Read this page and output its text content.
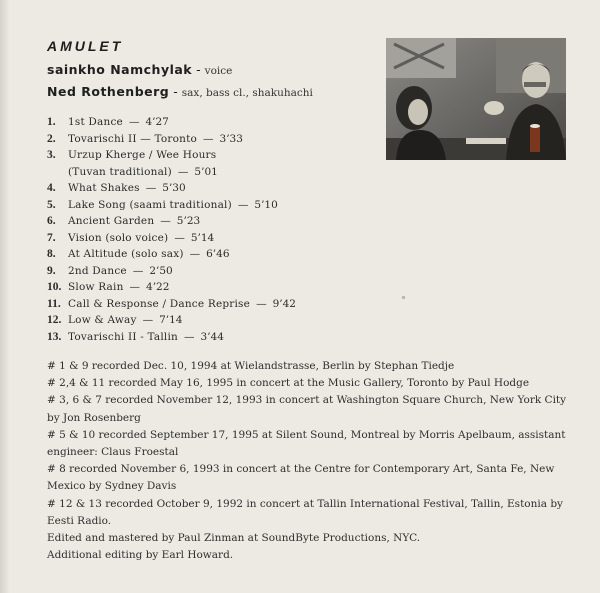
AMULET
sainkho Namchylak - voice
Ned Rothenberg - sax, bass cl., shakuhachi
1. 1st Dance — 4’27
2. Tovarischi II — Toronto — 3’33
3. Urzup Kherge / Wee Hours
(Tuvan traditional) — 5’01
4. What Shakes — 5’30
5. Lake Song (saami traditional) — 5’10
6. Ancient Garden — 5’23
7. Vision (solo voice) — 5’14
8. At Altitude (solo sax) — 6’46
9. 2nd Dance — 2’50
10. Slow Rain — 4’22
11. Call & Response / Dance Reprise — 9’42
12. Low & Away — 7’14
13. Tovarischi II - Tallin — 3’44

# 1 & 9 recorded Dec. 10, 1994 at Wielandstrasse, Berlin by Stephan Tiedje

# 2,4 & 11 recorded May 16, 1995 in concert at the Music Gallery, Toronto by Paul Hodge

# 3, 6 & 7 recorded November 12, 1993 in concert at Washington Square Church, New York City by Jon Rosenberg

# 5 & 10 recorded September 17, 1995 at Silent Sound, Montreal by Morris Apelbaum, assistant engineer: Claus Froestal

# 8 recorded November 6, 1993 in concert at the Centre for Contemporary Art, Santa Fe, New Mexico by Sydney Davis

# 12 & 13 recorded October 9, 1992 in concert at Tallin International Festival, Tallin, Estonia by Eesti Radio.

Edited and mastered by Paul Zinman at SoundByte Productions, NYC.

Additional editing by Earl Howard.
